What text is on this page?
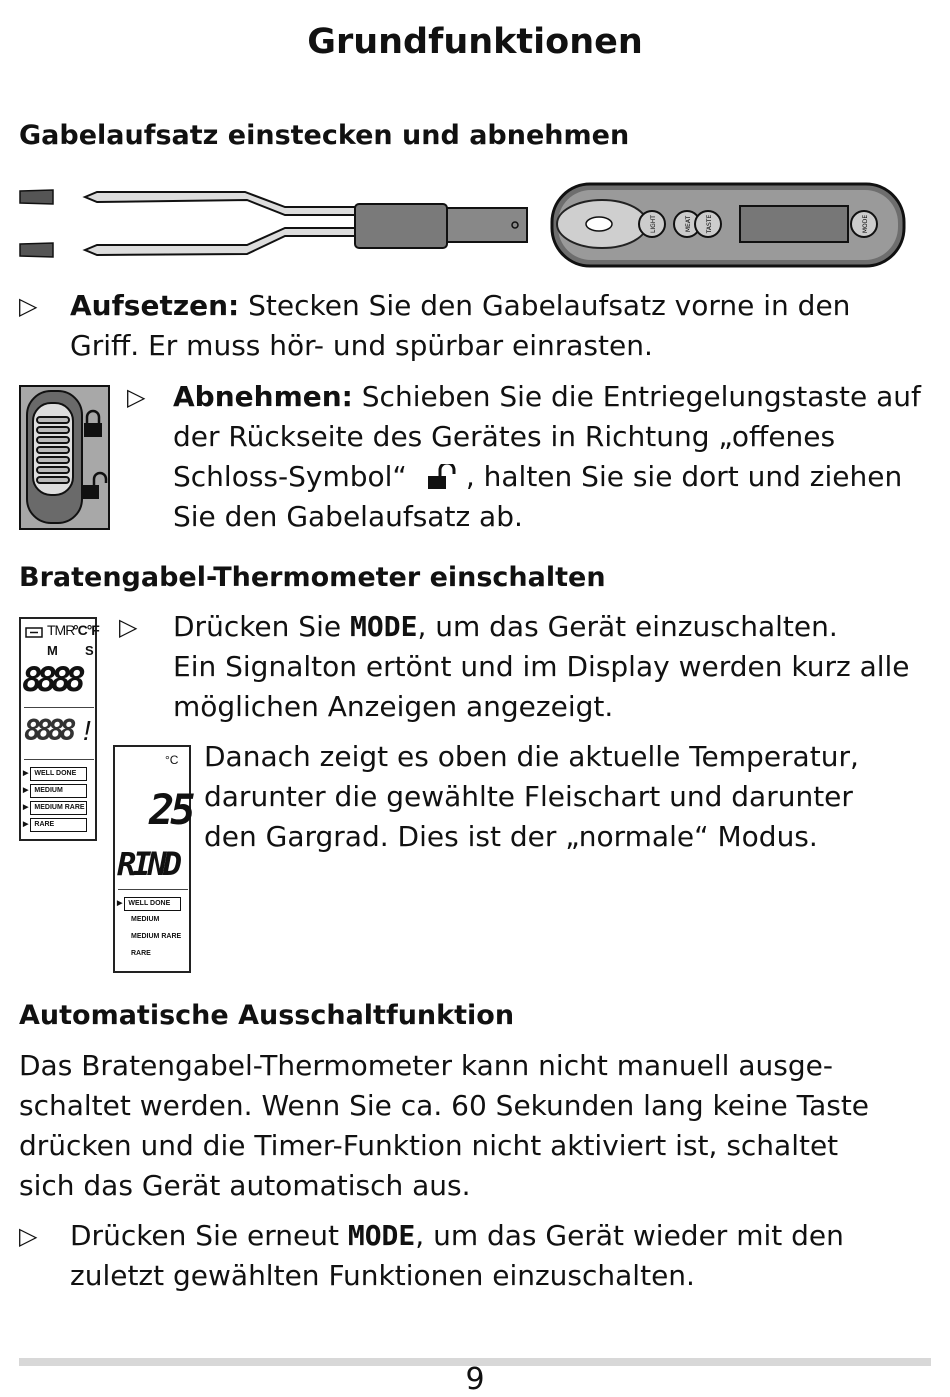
Grundfunktionen
Gabelaufsatz einstecken und abnehmen
LIGHT	MEAT TASTE	MODE
▷ Aufsetzen: Stecken Sie den Gabelaufsatz vorne in den
Griff. Er muss hör- und spürbar einrasten.
▷ Abnehmen: Schieben Sie die Entriegelungstaste auf
der Rückseite des Gerätes in Richtung „offenes
Schloss-Symbol“ , halten Sie sie dort und ziehen
Sie den Gabelaufsatz ab.
Bratengabel-Thermometer einschalten
TMR
°C°F
M S
8888
8888 !
▶ WELL DONE
▶ MEDIUM
▶ MEDIUM RARE
▶ RARE
▷ Drücken Sie MODE, um das Gerät einzuschalten.
Ein Signalton ertönt und im Display werden kurz alle
möglichen Anzeigen angezeigt.
°C
25
RIND
▶ WELL DONE
MEDIUM
MEDIUM RARE
RARE
Danach zeigt es oben die aktuelle Temperatur,
darunter die gewählte Fleischart und darunter
den Gargrad. Dies ist der „normale“ Modus.
Automatische Ausschaltfunktion
Das Bratengabel-Thermometer kann nicht manuell ausge-
schaltet werden. Wenn Sie ca. 60 Sekunden lang keine Taste
drücken und die Timer-Funktion nicht aktiviert ist, schaltet
sich das Gerät automatisch aus.
▷ Drücken Sie erneut MODE, um das Gerät wieder mit den
zuletzt gewählten Funktionen einzuschalten.
9
